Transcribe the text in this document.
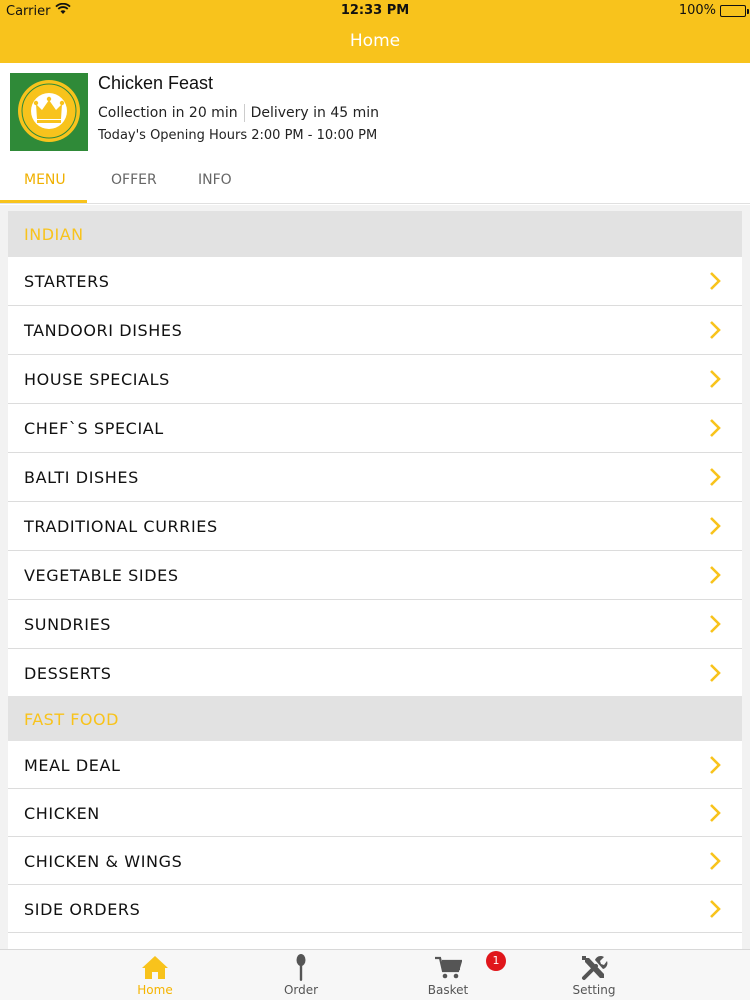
Carrier	12:33 PM	100%
Home
Chicken Feast
Collection in 20 min Delivery in 45 min
Today's Opening Hours 2:00 PM - 10:00 PM
MENU	OFFER	INFO
INDIAN
STARTERS
TANDOORI DISHES
HOUSE SPECIALS
CHEF`S SPECIAL
BALTI DISHES
TRADITIONAL CURRIES
VEGETABLE SIDES
SUNDRIES
DESSERTS
FAST FOOD
MEAL DEAL
CHICKEN
CHICKEN & WINGS
SIDE ORDERS
Home	Order	Basket	Setting
1
